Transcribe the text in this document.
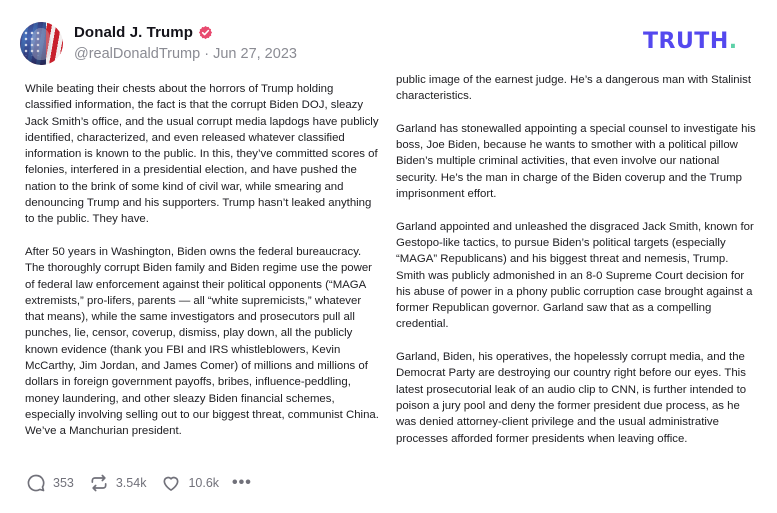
Donald J. Trump
@realDonaldTrump · Jun 27, 2023	TRUTH.

While beating their chests about the horrors of Trump holding classified information, the fact is that the corrupt Biden DOJ, sleazy Jack Smith’s office, and the usual corrupt media lapdogs have publicly identified, characterized, and even released whatever classified information is known to the public. In this, they’ve committed scores of felonies, interfered in a presidential election, and have pushed the nation to the brink of some kind of civil war, while smearing and denouncing Trump and his supporters. Trump hasn’t leaked anything to the public. They have.

After 50 years in Washington, Biden owns the federal bureaucracy. The thoroughly corrupt Biden family and Biden regime use the power of federal law enforcement against their political opponents (“MAGA extremists,” pro-lifers, parents — all “white supremicists,” whatever that means), while the same investigators and prosecutors pull all punches, lie, censor, coverup, dismiss, play down, all the publicly known evidence (thank you FBI and IRS whistleblowers, Kevin McCarthy, Jim Jordan, and James Comer) of millions and millions of dollars in foreign government payoffs, bribes, influence-peddling, money laundering, and other sleazy Biden financial schemes, especially involving selling out to our biggest threat, communist China. We’ve a Manchurian president.

public image of the earnest judge. He’s a dangerous man with Stalinist characteristics.

Garland has stonewalled appointing a special counsel to investigate his boss, Joe Biden, because he wants to smother with a political pillow Biden’s multiple criminal activities, that even involve our national security. He’s the man in charge of the Biden coverup and the Trump imprisonment effort.

Garland appointed and unleashed the disgraced Jack Smith, known for Gestopo-like tactics, to pursue Biden’s political targets (especially “MAGA” Republicans) and his biggest threat and nemesis, Trump. Smith was publicly admonished in an 8-0 Supreme Court decision for his abuse of power in a phony public corruption case brought against a former Republican governor. Garland saw that as a compelling credential.

Garland, Biden, his operatives, the hopelessly corrupt media, and the Democrat Party are destroying our country right before our eyes. This latest prosecutorial leak of an audio clip to CNN, is further intended to poison a jury pool and deny the former president due process, as he was denied attorney-client privilege and the usual administrative processes afforded former presidents when leaving office.

353	3.54k	10.6k •••
